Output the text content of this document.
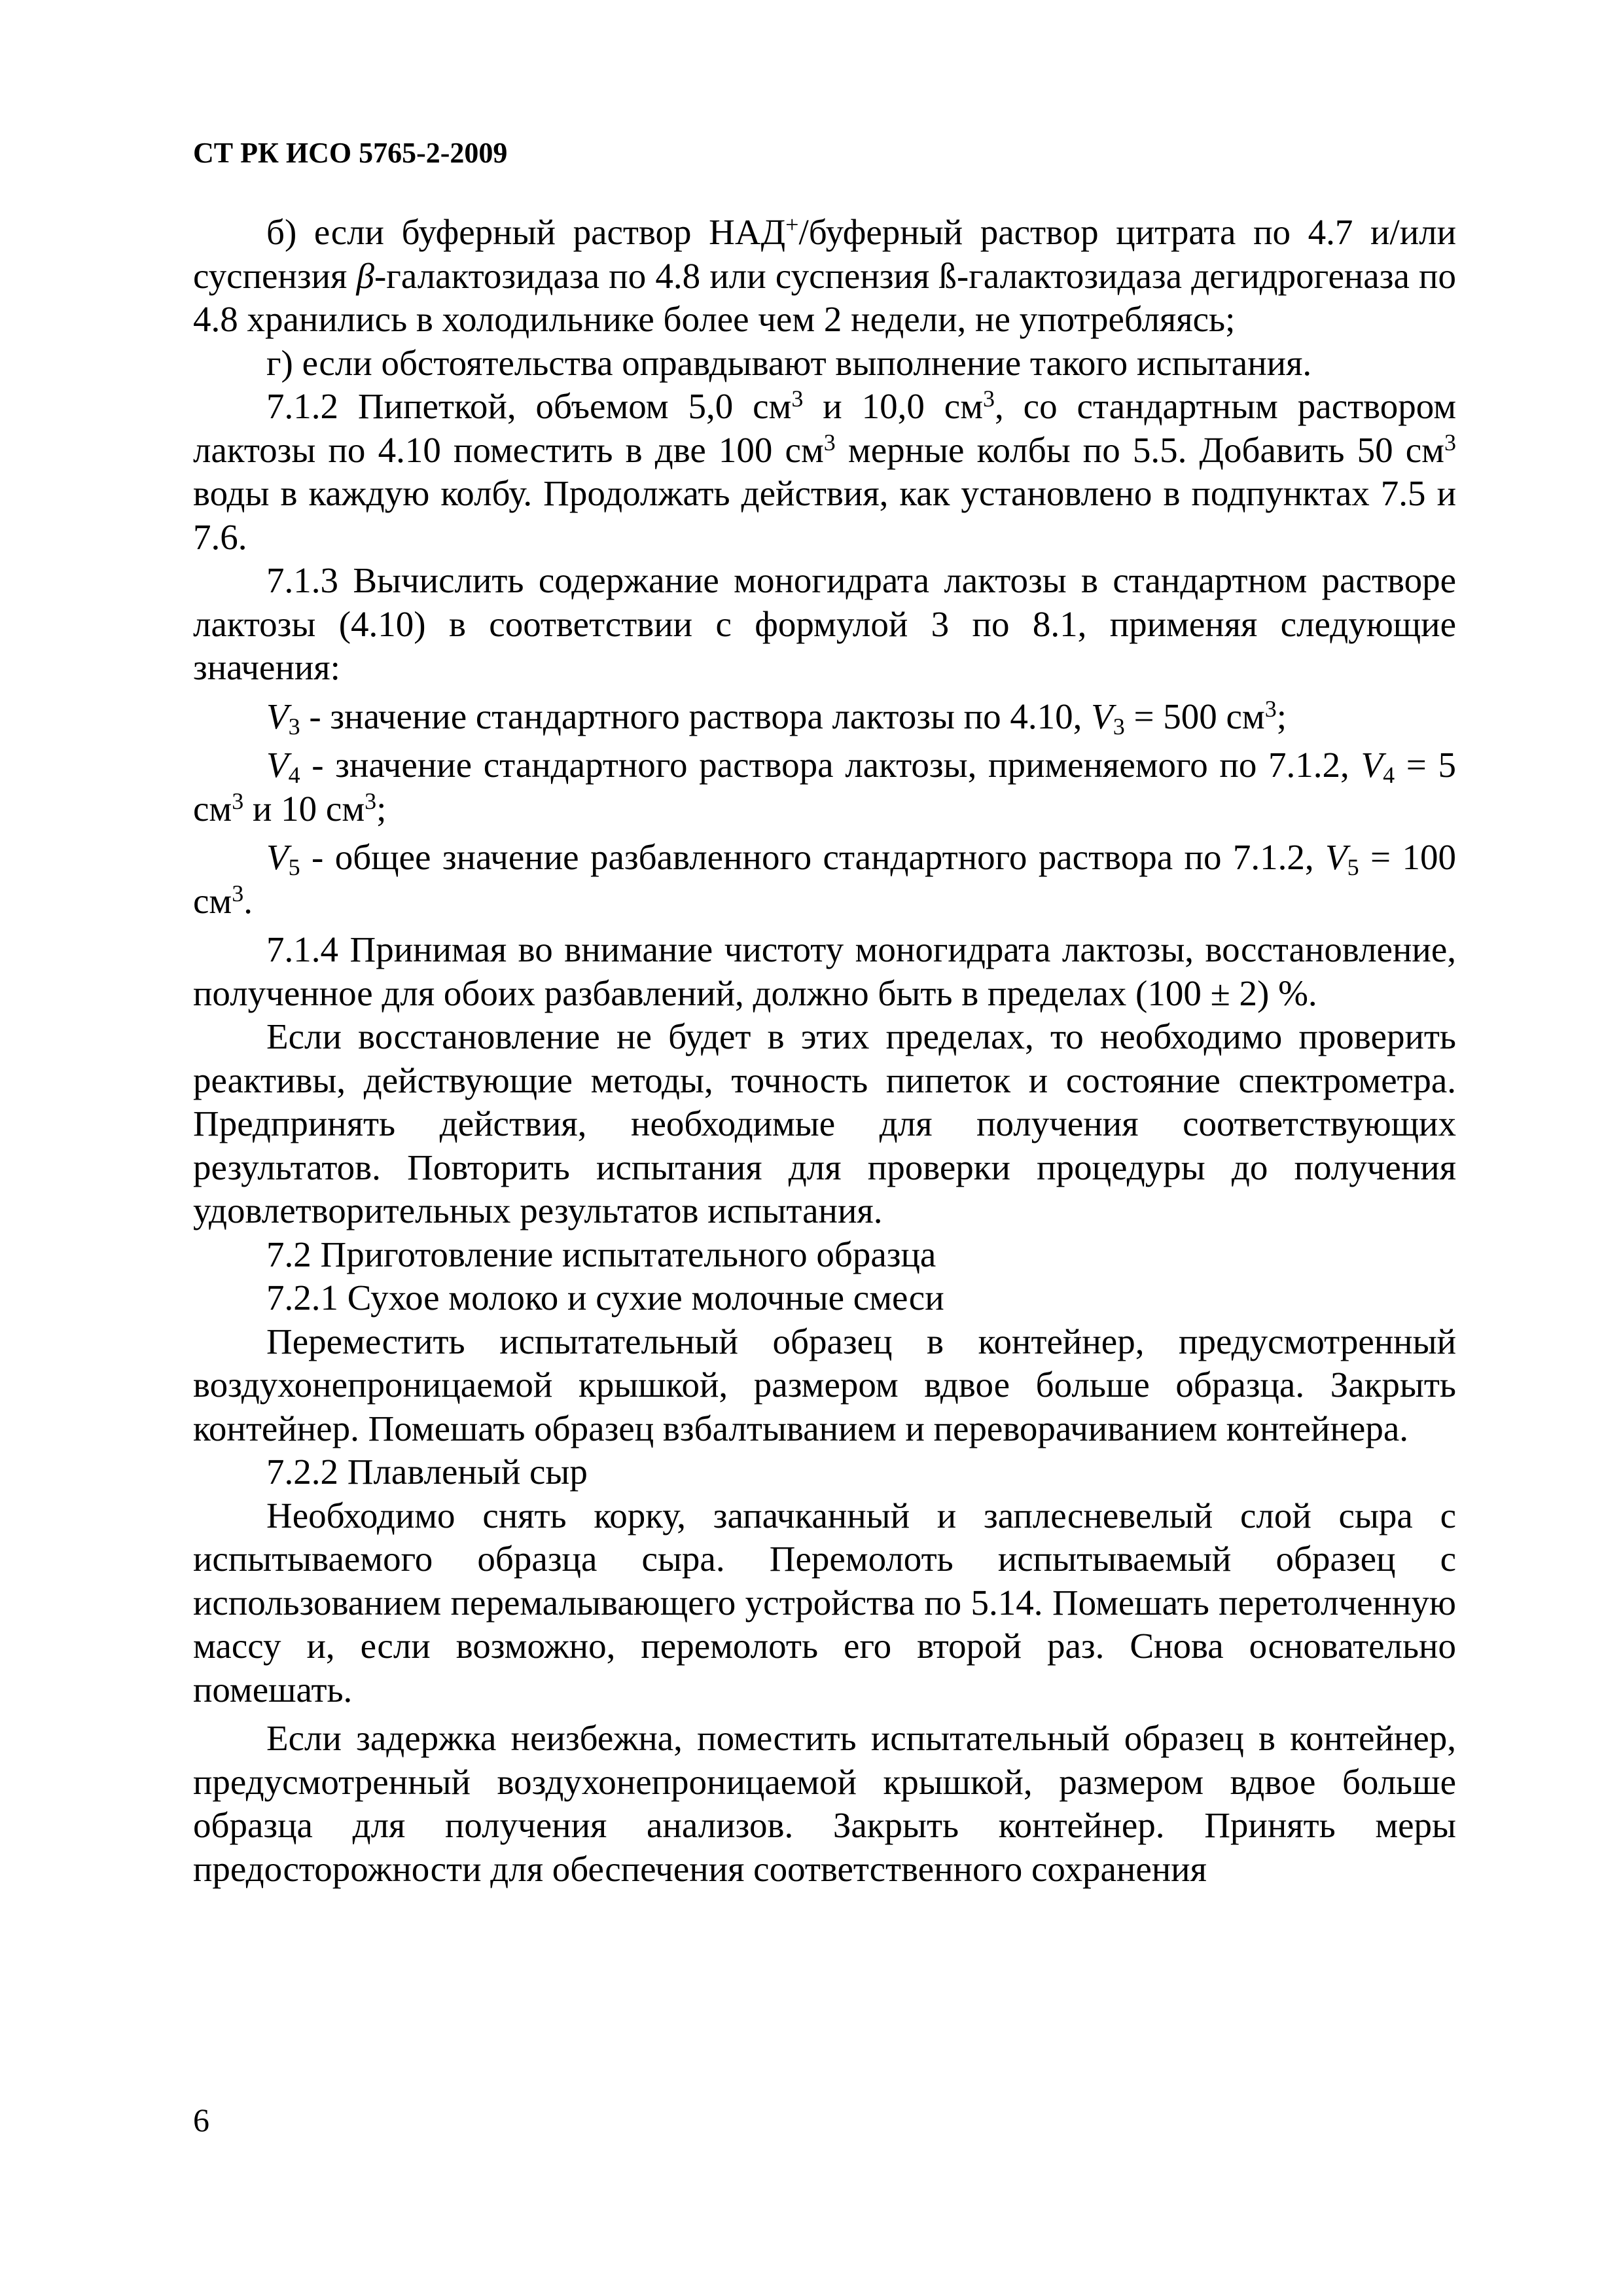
СТ РК ИСО 5765-2-2009

б) если буферный раствор НАД+/буферный раствор цитрата по 4.7 и/или суспензия β-галактозидаза по 4.8 или суспензия ß-галактозидаза дегидрогеназа по 4.8 хранились в холодильнике более чем 2 недели, не употребляясь;

г) если обстоятельства оправдывают выполнение такого испытания.

7.1.2 Пипеткой, объемом 5,0 $см^3$ и 10,0 $см^3$, со стандартным раствором лактозы по 4.10 поместить в две 100 $см^3$ мерные колбы по 5.5. Добавить 50 $см^3$ воды в каждую колбу. Продолжать действия, как установлено в подпунктах 7.5 и 7.6.

7.1.3 Вычислить содержание моногидрата лактозы в стандартном растворе лактозы (4.10) в соответствии с формулой 3 по 8.1, применяя следующие значения:

$V_3$ - значение стандартного раствора лактозы по 4.10, $V_3 = 500$ $см^3$;

$V_4$ - значение стандартного раствора лактозы, применяемого по 7.1.2, $V_4 = 5$ $см^3$ и 10 $см^3$;

$V_5$ - общее значение разбавленного стандартного раствора по 7.1.2, $V_5 = 100$ $см^3$.

7.1.4 Принимая во внимание чистоту моногидрата лактозы, восстановление, полученное для обоих разбавлений, должно быть в пределах (100 ± 2) %.

Если восстановление не будет в этих пределах, то необходимо проверить реактивы, действующие методы, точность пипеток и состояние спектрометра. Предпринять действия, необходимые для получения соответствующих результатов. Повторить испытания для проверки процедуры до получения удовлетворительных результатов испытания.

7.2 Приготовление испытательного образца

7.2.1 Сухое молоко и сухие молочные смеси

Переместить испытательный образец в контейнер, предусмотренный воздухонепроницаемой крышкой, размером вдвое больше образца. Закрыть контейнер. Помешать образец взбалтыванием и переворачиванием контейнера.

7.2.2 Плавленый сыр

Необходимо снять корку, запачканный и заплесневелый слой сыра с испытываемого образца сыра. Перемолоть испытываемый образец с использованием перемалывающего устройства по 5.14. Помешать перетолченную массу и, если возможно, перемолоть его второй раз. Снова основательно помешать.

Если задержка неизбежна, поместить испытательный образец в контейнер, предусмотренный воздухонепроницаемой крышкой, размером вдвое больше образца для получения анализов. Закрыть контейнер. Принять меры предосторожности для обеспечения соответственного сохранения

6
